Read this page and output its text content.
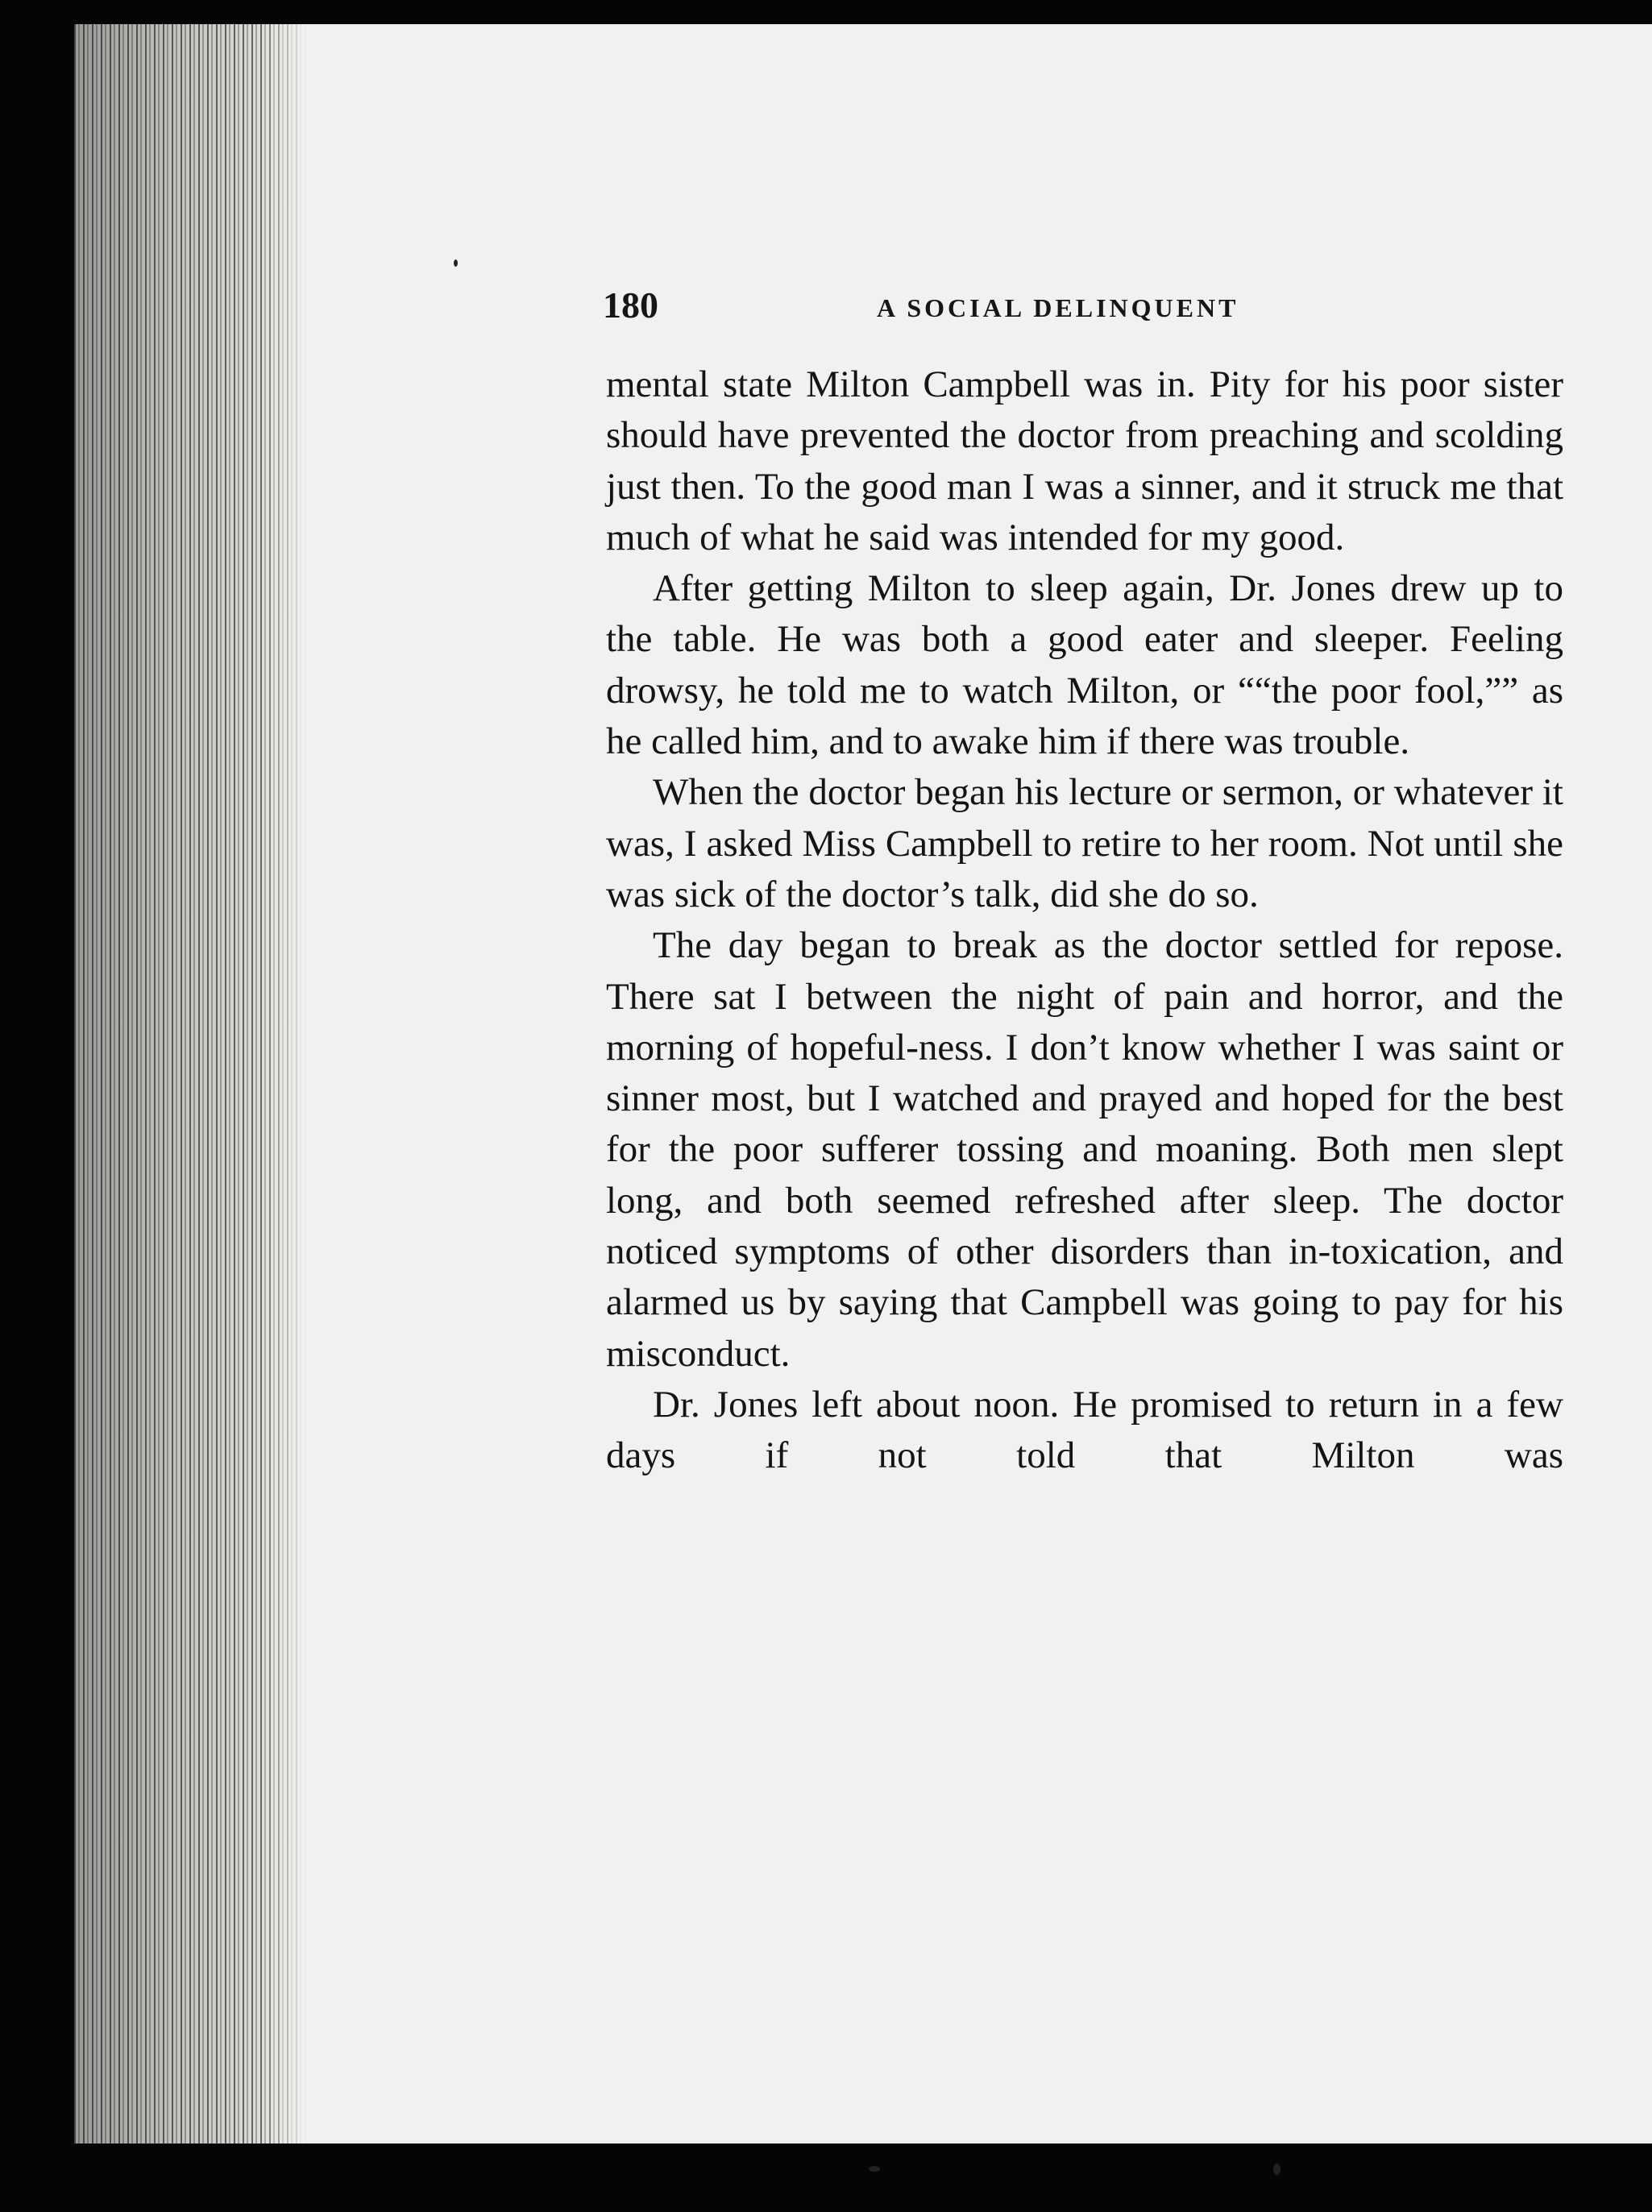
180	A SOCIAL DELINQUENT

mental state Milton Campbell was in. Pity for his poor sister should have prevented the doctor from preaching and scolding just then. To the good man I was a sinner, and it struck me that much of what he said was intended for my good.

After getting Milton to sleep again, Dr. Jones drew up to the table. He was both a good eater and sleeper. Feeling drowsy, he told me to watch Milton, or ““the poor fool,”” as he called him, and to awake him if there was trouble.

When the doctor began his lecture or sermon, or whatever it was, I asked Miss Campbell to retire to her room. Not until she was sick of the doctor’s talk, did she do so.

The day began to break as the doctor settled for repose. There sat I between the night of pain and horror, and the morning of hopeful-ness. I don’t know whether I was saint or sinner most, but I watched and prayed and hoped for the best for the poor sufferer tossing and moaning. Both men slept long, and both seemed refreshed after sleep. The doctor noticed symptoms of other disorders than in-toxication, and alarmed us by saying that Campbell was going to pay for his misconduct.

Dr. Jones left about noon. He promised to return in a few days if not told that Milton was
